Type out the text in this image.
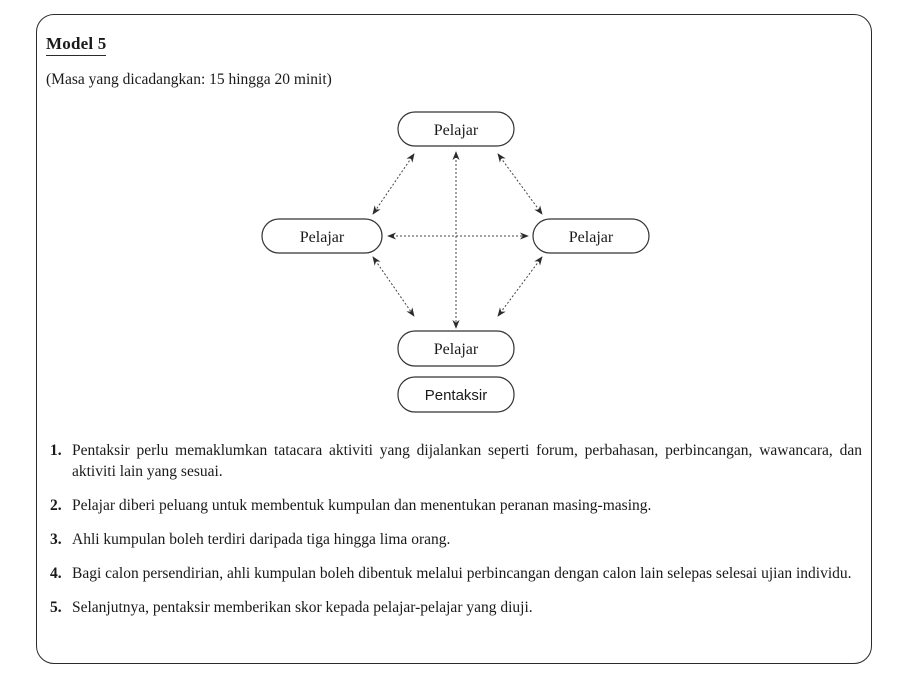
Model 5
(Masa yang dicadangkan: 15 hingga 20 minit)
Pelajar
Pelajar	Pelajar
Pelajar
Pentaksir
1. Pentaksir perlu memaklumkan tatacara aktiviti yang dijalankan seperti forum, perbahasan, perbincangan, wawancara, dan aktiviti lain yang sesuai.
2. Pelajar diberi peluang untuk membentuk kumpulan dan menentukan peranan masing-masing.
3. Ahli kumpulan boleh terdiri daripada tiga hingga lima orang.
4. Bagi calon persendirian, ahli kumpulan boleh dibentuk melalui perbincangan dengan calon lain selepas selesai ujian individu.
5. Selanjutnya, pentaksir memberikan skor kepada pelajar-pelajar yang diuji.
